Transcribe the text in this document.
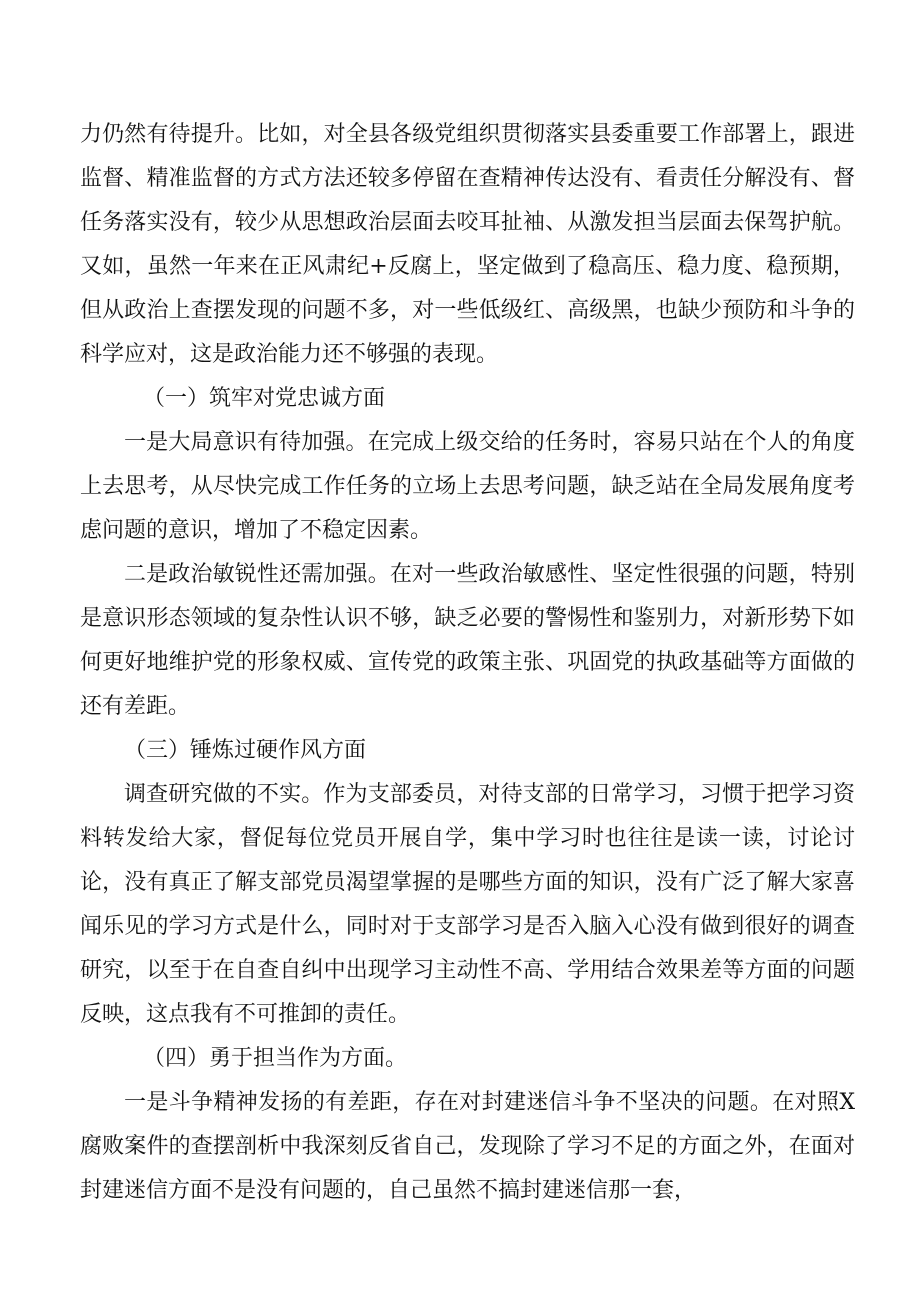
力仍然有待提升。比如，对全县各级党组织贯彻落实县委重要工作部署上，跟进监督、精准监督的方式方法还较多停留在查精神传达没有、看责任分解没有、督任务落实没有，较少从思想政治层面去咬耳扯袖、从激发担当层面去保驾护航。又如，虽然一年来在正风肃纪+反腐上，坚定做到了稳高压、稳力度、稳预期，但从政治上查摆发现的问题不多，对一些低级红、高级黑，也缺少预防和斗争的科学应对，这是政治能力还不够强的表现。

（一）筑牢对党忠诚方面

一是大局意识有待加强。在完成上级交给的任务时，容易只站在个人的角度上去思考，从尽快完成工作任务的立场上去思考问题，缺乏站在全局发展角度考虑问题的意识，增加了不稳定因素。

二是政治敏锐性还需加强。在对一些政治敏感性、坚定性很强的问题，特别是意识形态领域的复杂性认识不够，缺乏必要的警惕性和鉴别力，对新形势下如何更好地维护党的形象权威、宣传党的政策主张、巩固党的执政基础等方面做的还有差距。

（三）锤炼过硬作风方面

调查研究做的不实。作为支部委员，对待支部的日常学习，习惯于把学习资料转发给大家，督促每位党员开展自学，集中学习时也往往是读一读，讨论讨论，没有真正了解支部党员渴望掌握的是哪些方面的知识，没有广泛了解大家喜闻乐见的学习方式是什么，同时对于支部学习是否入脑入心没有做到很好的调查研究，以至于在自查自纠中出现学习主动性不高、学用结合效果差等方面的问题反映，这点我有不可推卸的责任。

（四）勇于担当作为方面。

一是斗争精神发扬的有差距，存在对封建迷信斗争不坚决的问题。在对照X腐败案件的查摆剖析中我深刻反省自己，发现除了学习不足的方面之外，在面对封建迷信方面不是没有问题的，自己虽然不搞封建迷信那一套，
